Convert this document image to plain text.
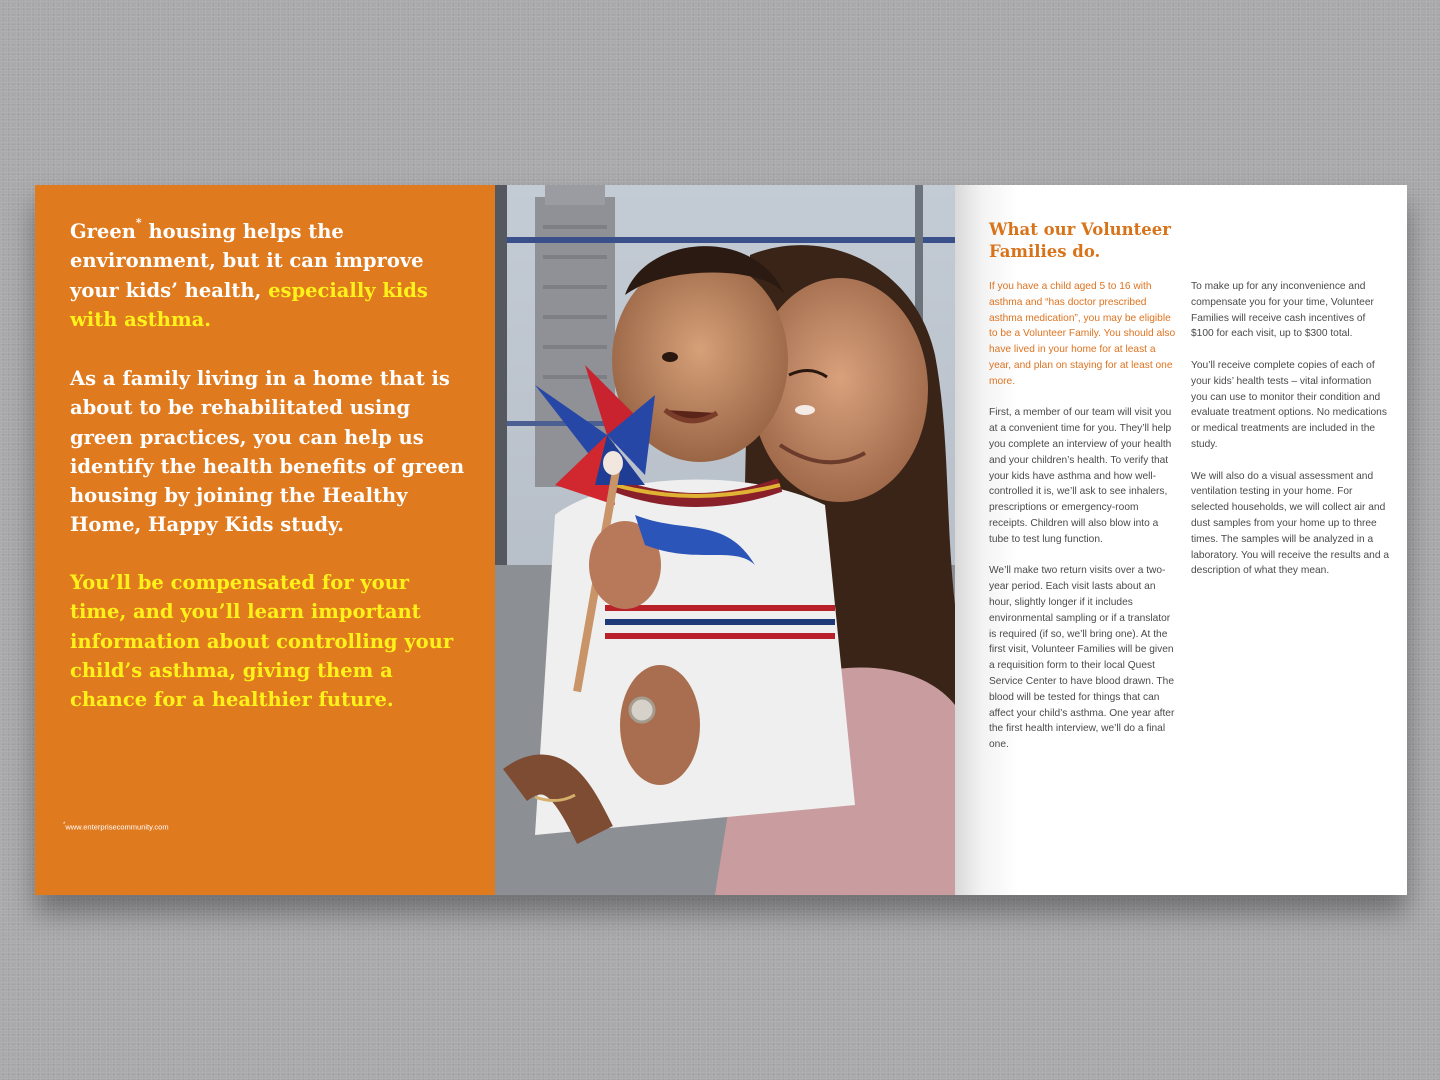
Green* housing helps the environment, but it can improve your kids’ health, especially kids with asthma.

As a family living in a home that is about to be rehabilitated using green practices, you can help us identify the health benefits of green housing by joining the Healthy Home, Happy Kids study.

You’ll be compensated for your time, and you’ll learn important information about controlling your child’s asthma, giving them a chance for a healthier future.

*www.enterprisecommunity.com
What our Volunteer Families do.

If you have a child aged 5 to 16 with asthma and “has doctor prescribed asthma medication”, you may be eligible to be a Volunteer Family. You should also have lived in your home for at least a year, and plan on staying for at least one more.

First, a member of our team will visit you at a convenient time for you. They’ll help you complete an interview of your health and your children’s health. To verify that your kids have asthma and how well-controlled it is, we’ll ask to see inhalers, prescriptions or emergency-room receipts. Children will also blow into a tube to test lung function.

We’ll make two return visits over a two-year period. Each visit lasts about an hour, slightly longer if it includes environmental sampling or if a translator is required (if so, we’ll bring one). At the first visit, Volunteer Families will be given a requisition form to their local Quest Service Center to have blood drawn. The blood will be tested for things that can affect your child’s asthma. One year after the first health interview, we’ll do a final one.

To make up for any inconvenience and compensate you for your time, Volunteer Families will receive cash incentives of $100 for each visit, up to $300 total.

You’ll receive complete copies of each of your kids’ health tests – vital information you can use to monitor their condition and evaluate treatment options. No medications or medical treatments are included in the study.

We will also do a visual assessment and ventilation testing in your home. For selected households, we will collect air and dust samples from your home up to three times. The samples will be analyzed in a laboratory. You will receive the results and a description of what they mean.
